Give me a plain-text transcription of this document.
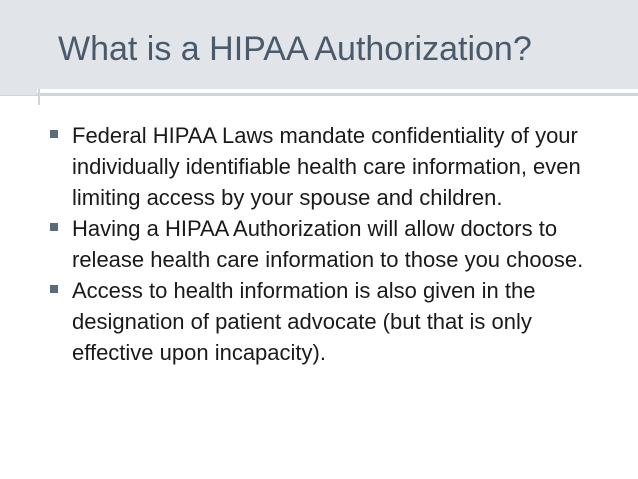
What is a HIPAA Authorization?
Federal HIPAA Laws mandate confidentiality of your individually identifiable health care information, even limiting access by your spouse and children.
Having a HIPAA Authorization will allow doctors to release health care information to those you choose.
Access to health information is also given in the designation of patient advocate (but that is only effective upon incapacity).
